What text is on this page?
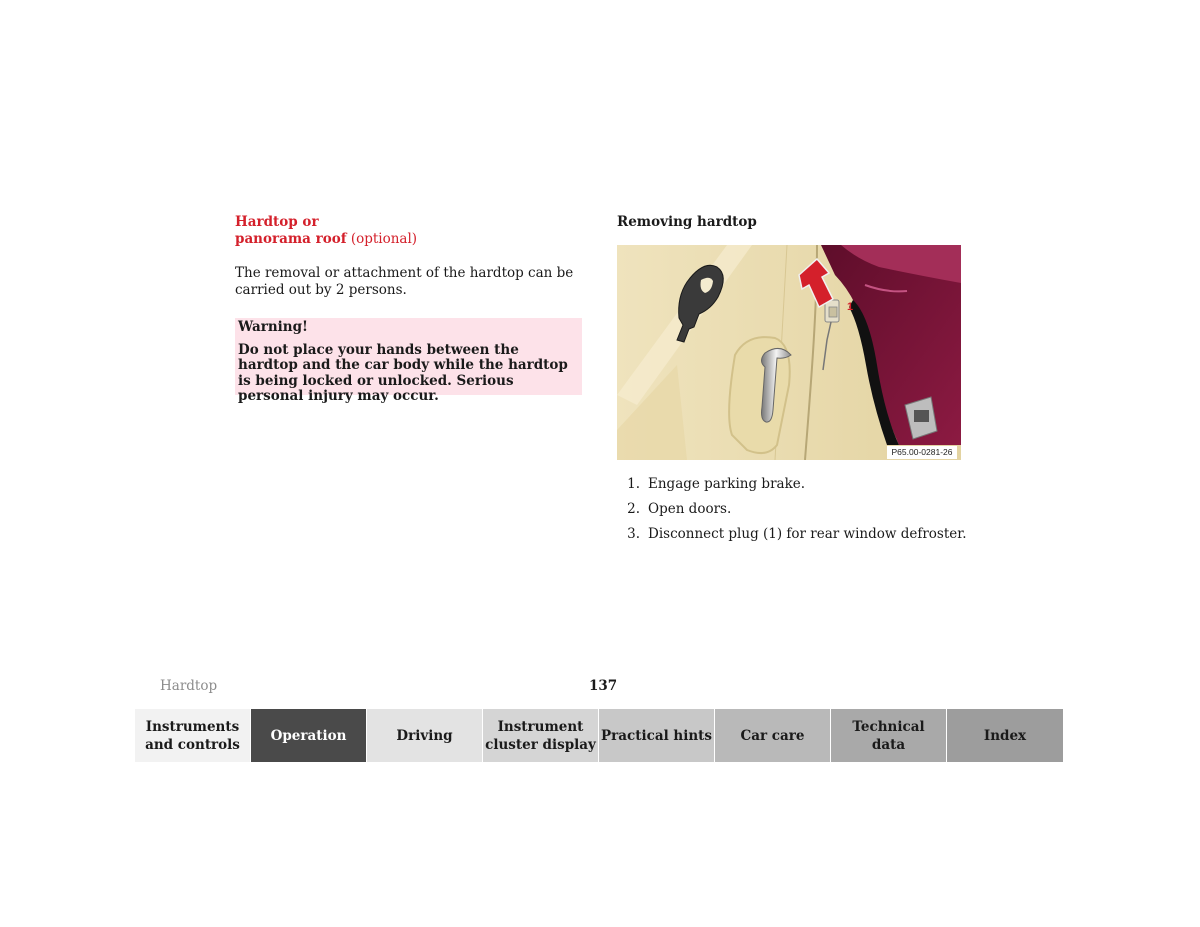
Hardtop or
panorama roof (optional)
The removal or attachment of the hardtop can be carried out by 2 persons.
Warning!
Do not place your hands between the hardtop and the car body while the hardtop is being locked or unlocked. Serious personal injury may occur.
Removing hardtop
1
P65.00-0281-26
1. Engage parking brake.
2. Open doors.
3. Disconnect plug (1) for rear window defroster.
Hardtop	137
Instruments
and controls
Operation	Driving
Instrument
cluster display
Practical hints Car care
Technical
data
Index
